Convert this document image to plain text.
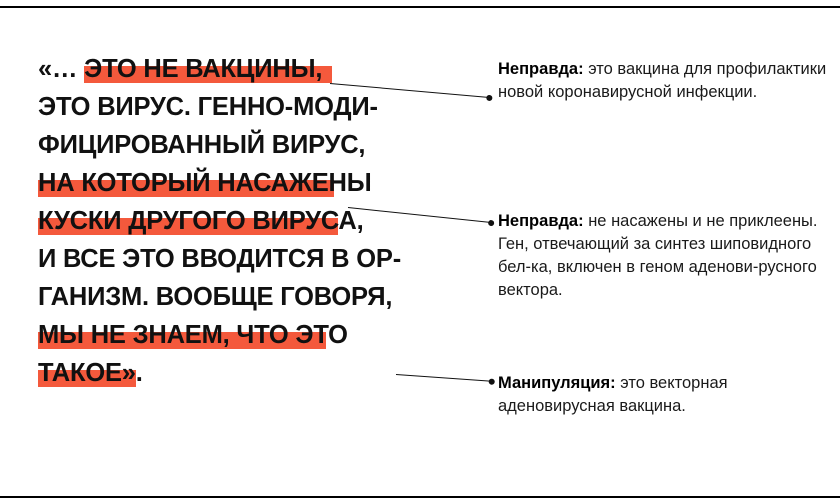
«… ЭТО НЕ ВАКЦИНЫ,
ЭТО ВИРУС. ГЕННО-МОДИ-
ФИЦИРОВАННЫЙ ВИРУС,
НА КОТОРЫЙ НАСАЖЕНЫ
КУСКИ ДРУГОГО ВИРУСА,
И ВСЕ ЭТО ВВОДИТСЯ В ОР-
ГАНИЗМ. ВООБЩЕ ГОВОРЯ,
МЫ НЕ ЗНАЕМ, ЧТО ЭТО
ТАКОЕ».
Неправда: это вакцина для профилактики новой коронавирусной инфекции.
Неправда: не насажены и не приклеены. Ген, отвечающий за синтез шиповидного бел-ка, включен в геном аденови-русного вектора.
Манипуляция: это векторная аденовирусная вакцина.
